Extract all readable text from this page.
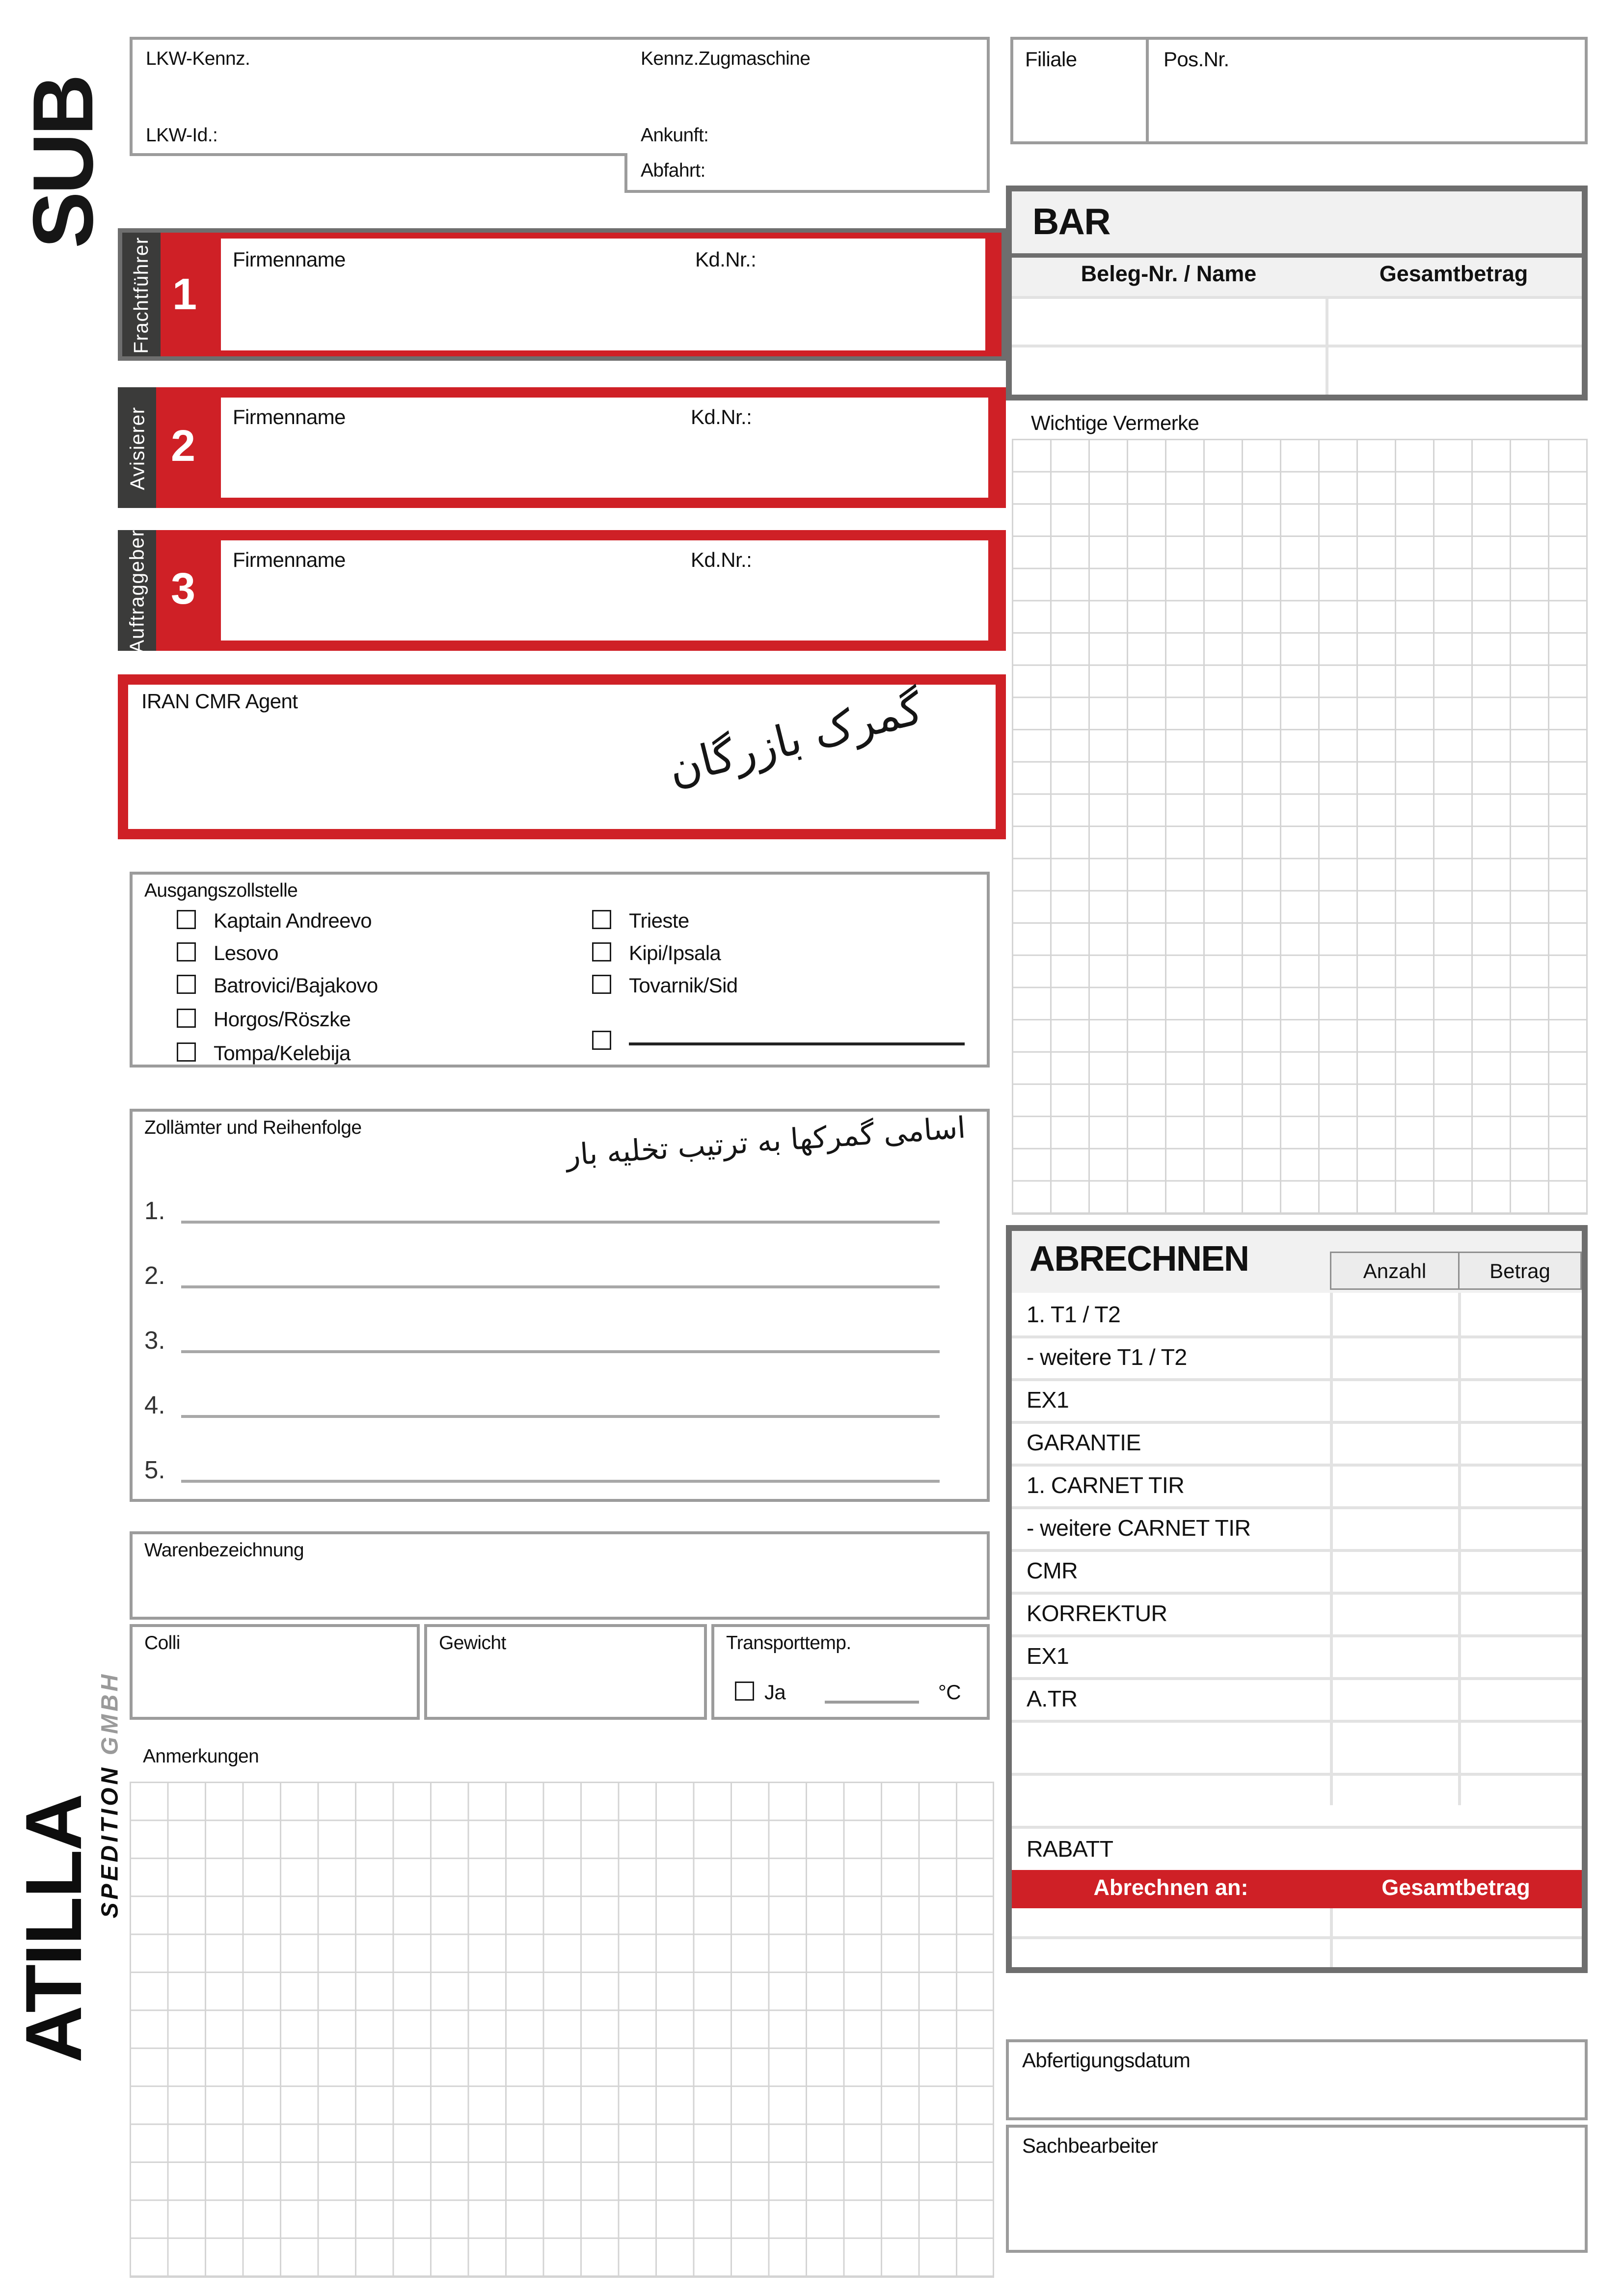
SUB
LKW-Kennz.	Kennz.Zugmaschine
LKW-Id.:	Ankunft:
Abfahrt:
Filiale	Pos.Nr.
BAR
Beleg-Nr. / Name	Gesamtbetrag
Frachtführer 1
Firmenname	Kd.Nr.:
Avisierer 2
Firmenname	Kd.Nr.:
Auftraggeber 3
Firmenname	Kd.Nr.:
IRAN CMR Agent	گمرک بازرگان
Ausgangszollstelle
Kaptain Andreevo
Lesovo
Batrovici/Bajakovo
Horgos/Röszke
Tompa/Kelebija
Trieste
Kipi/Ipsala
Tovarnik/Sid
Zollämter und Reihenfolge	اسامی گمرکها به ترتیب تخلیه بار
1.
2.
3.
4.
5.
Warenbezeichnung
Colli	Gewicht	Transporttemp.
Ja	°C
Anmerkungen
ATILLA SPEDITION GMBH
Wichtige Vermerke
ABRECHNEN	Anzahl	Betrag
1. T1 / T2
- weitere T1 / T2
EX1
GARANTIE
1. CARNET TIR
- weitere CARNET TIR
CMR
KORREKTUR
EX1
A.TR
RABATT
Abrechnen an:	Gesamtbetrag
Abfertigungsdatum
Sachbearbeiter
